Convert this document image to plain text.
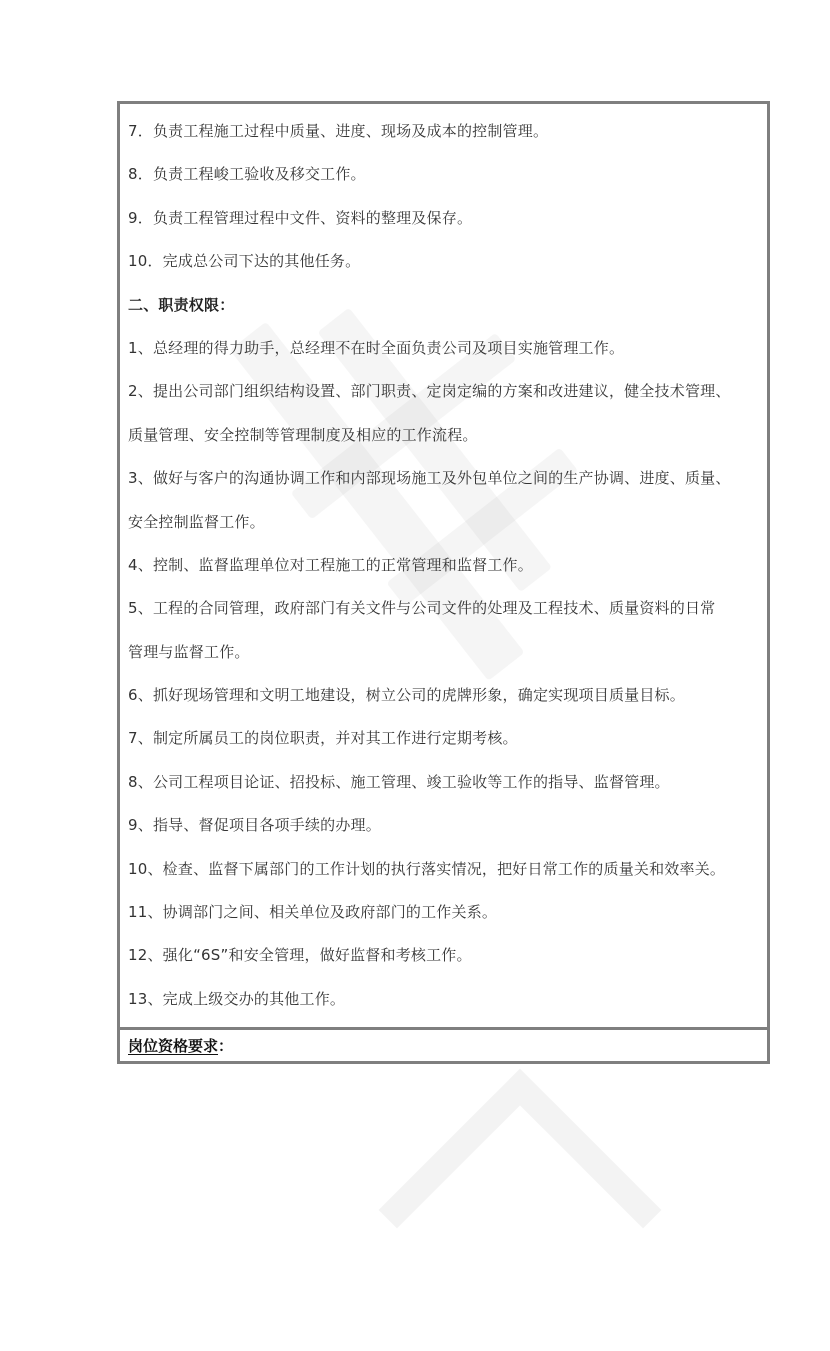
7．负责工程施工过程中质量、进度、现场及成本的控制管理。
8．负责工程峻工验收及移交工作。
9．负责工程管理过程中文件、资料的整理及保存。
10．完成总公司下达的其他任务。
二、职责权限：
1、总经理的得力助手，总经理不在时全面负责公司及项目实施管理工作。
2、提出公司部门组织结构设置、部门职责、定岗定编的方案和改进建议，健全技术管理、
质量管理、安全控制等管理制度及相应的工作流程。
3、做好与客户的沟通协调工作和内部现场施工及外包单位之间的生产协调、进度、质量、
安全控制监督工作。
4、控制、监督监理单位对工程施工的正常管理和监督工作。
5、工程的合同管理，政府部门有关文件与公司文件的处理及工程技术、质量资料的日常
管理与监督工作。
6、抓好现场管理和文明工地建设，树立公司的虎牌形象，确定实现项目质量目标。
7、制定所属员工的岗位职责，并对其工作进行定期考核。
8、公司工程项目论证、招投标、施工管理、竣工验收等工作的指导、监督管理。
9、指导、督促项目各项手续的办理。
10、检查、监督下属部门的工作计划的执行落实情况，把好日常工作的质量关和效率关。
11、协调部门之间、相关单位及政府部门的工作关系。
12、强化“6S”和安全管理，做好监督和考核工作。
13、完成上级交办的其他工作。
岗位资格要求：
